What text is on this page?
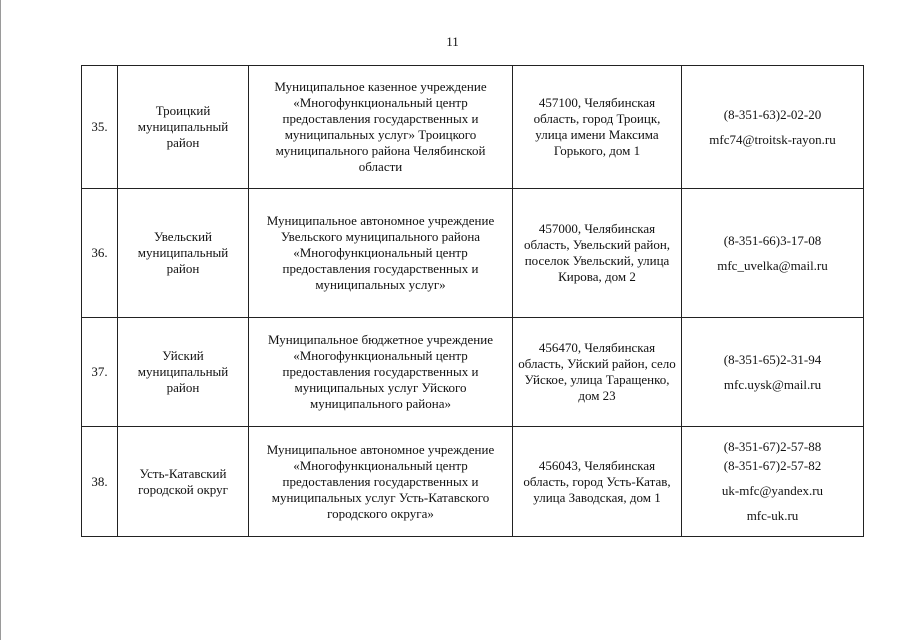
11
35.	Троицкий муниципальный район	Муниципальное казенное учреждение «Многофункциональный центр предоставления государственных и муниципальных услуг» Троицкого муниципального района Челябинской области	457100, Челябинская область, город Троицк, улица имени Максима Горького, дом 1	(8-351-63)2-02-20
mfc74@troitsk-rayon.ru

36.	Увельский муниципальный район	Муниципальное автономное учреждение Увельского муниципального района «Многофункциональный центр предоставления государственных и муниципальных услуг»	457000, Челябинская область, Увельский район, поселок Увельский, улица Кирова, дом 2	(8-351-66)3-17-08
mfc_uvelka@mail.ru

37.	Уйский муниципальный район	Муниципальное бюджетное учреждение «Многофункциональный центр предоставления государственных и муниципальных услуг Уйского муниципального района»	456470, Челябинская область, Уйский район, село Уйское, улица Таращенко, дом 23	(8-351-65)2-31-94
mfc.uysk@mail.ru

38.	Усть-Катавский городской округ	Муниципальное автономное учреждение «Многофункциональный центр предоставления государственных и муниципальных услуг Усть-Катавского городского округа»	456043, Челябинская область, город Усть-Катав, улица Заводская, дом 1	(8-351-67)2-57-88
(8-351-67)2-57-82
uk-mfc@yandex.ru
mfc-uk.ru
